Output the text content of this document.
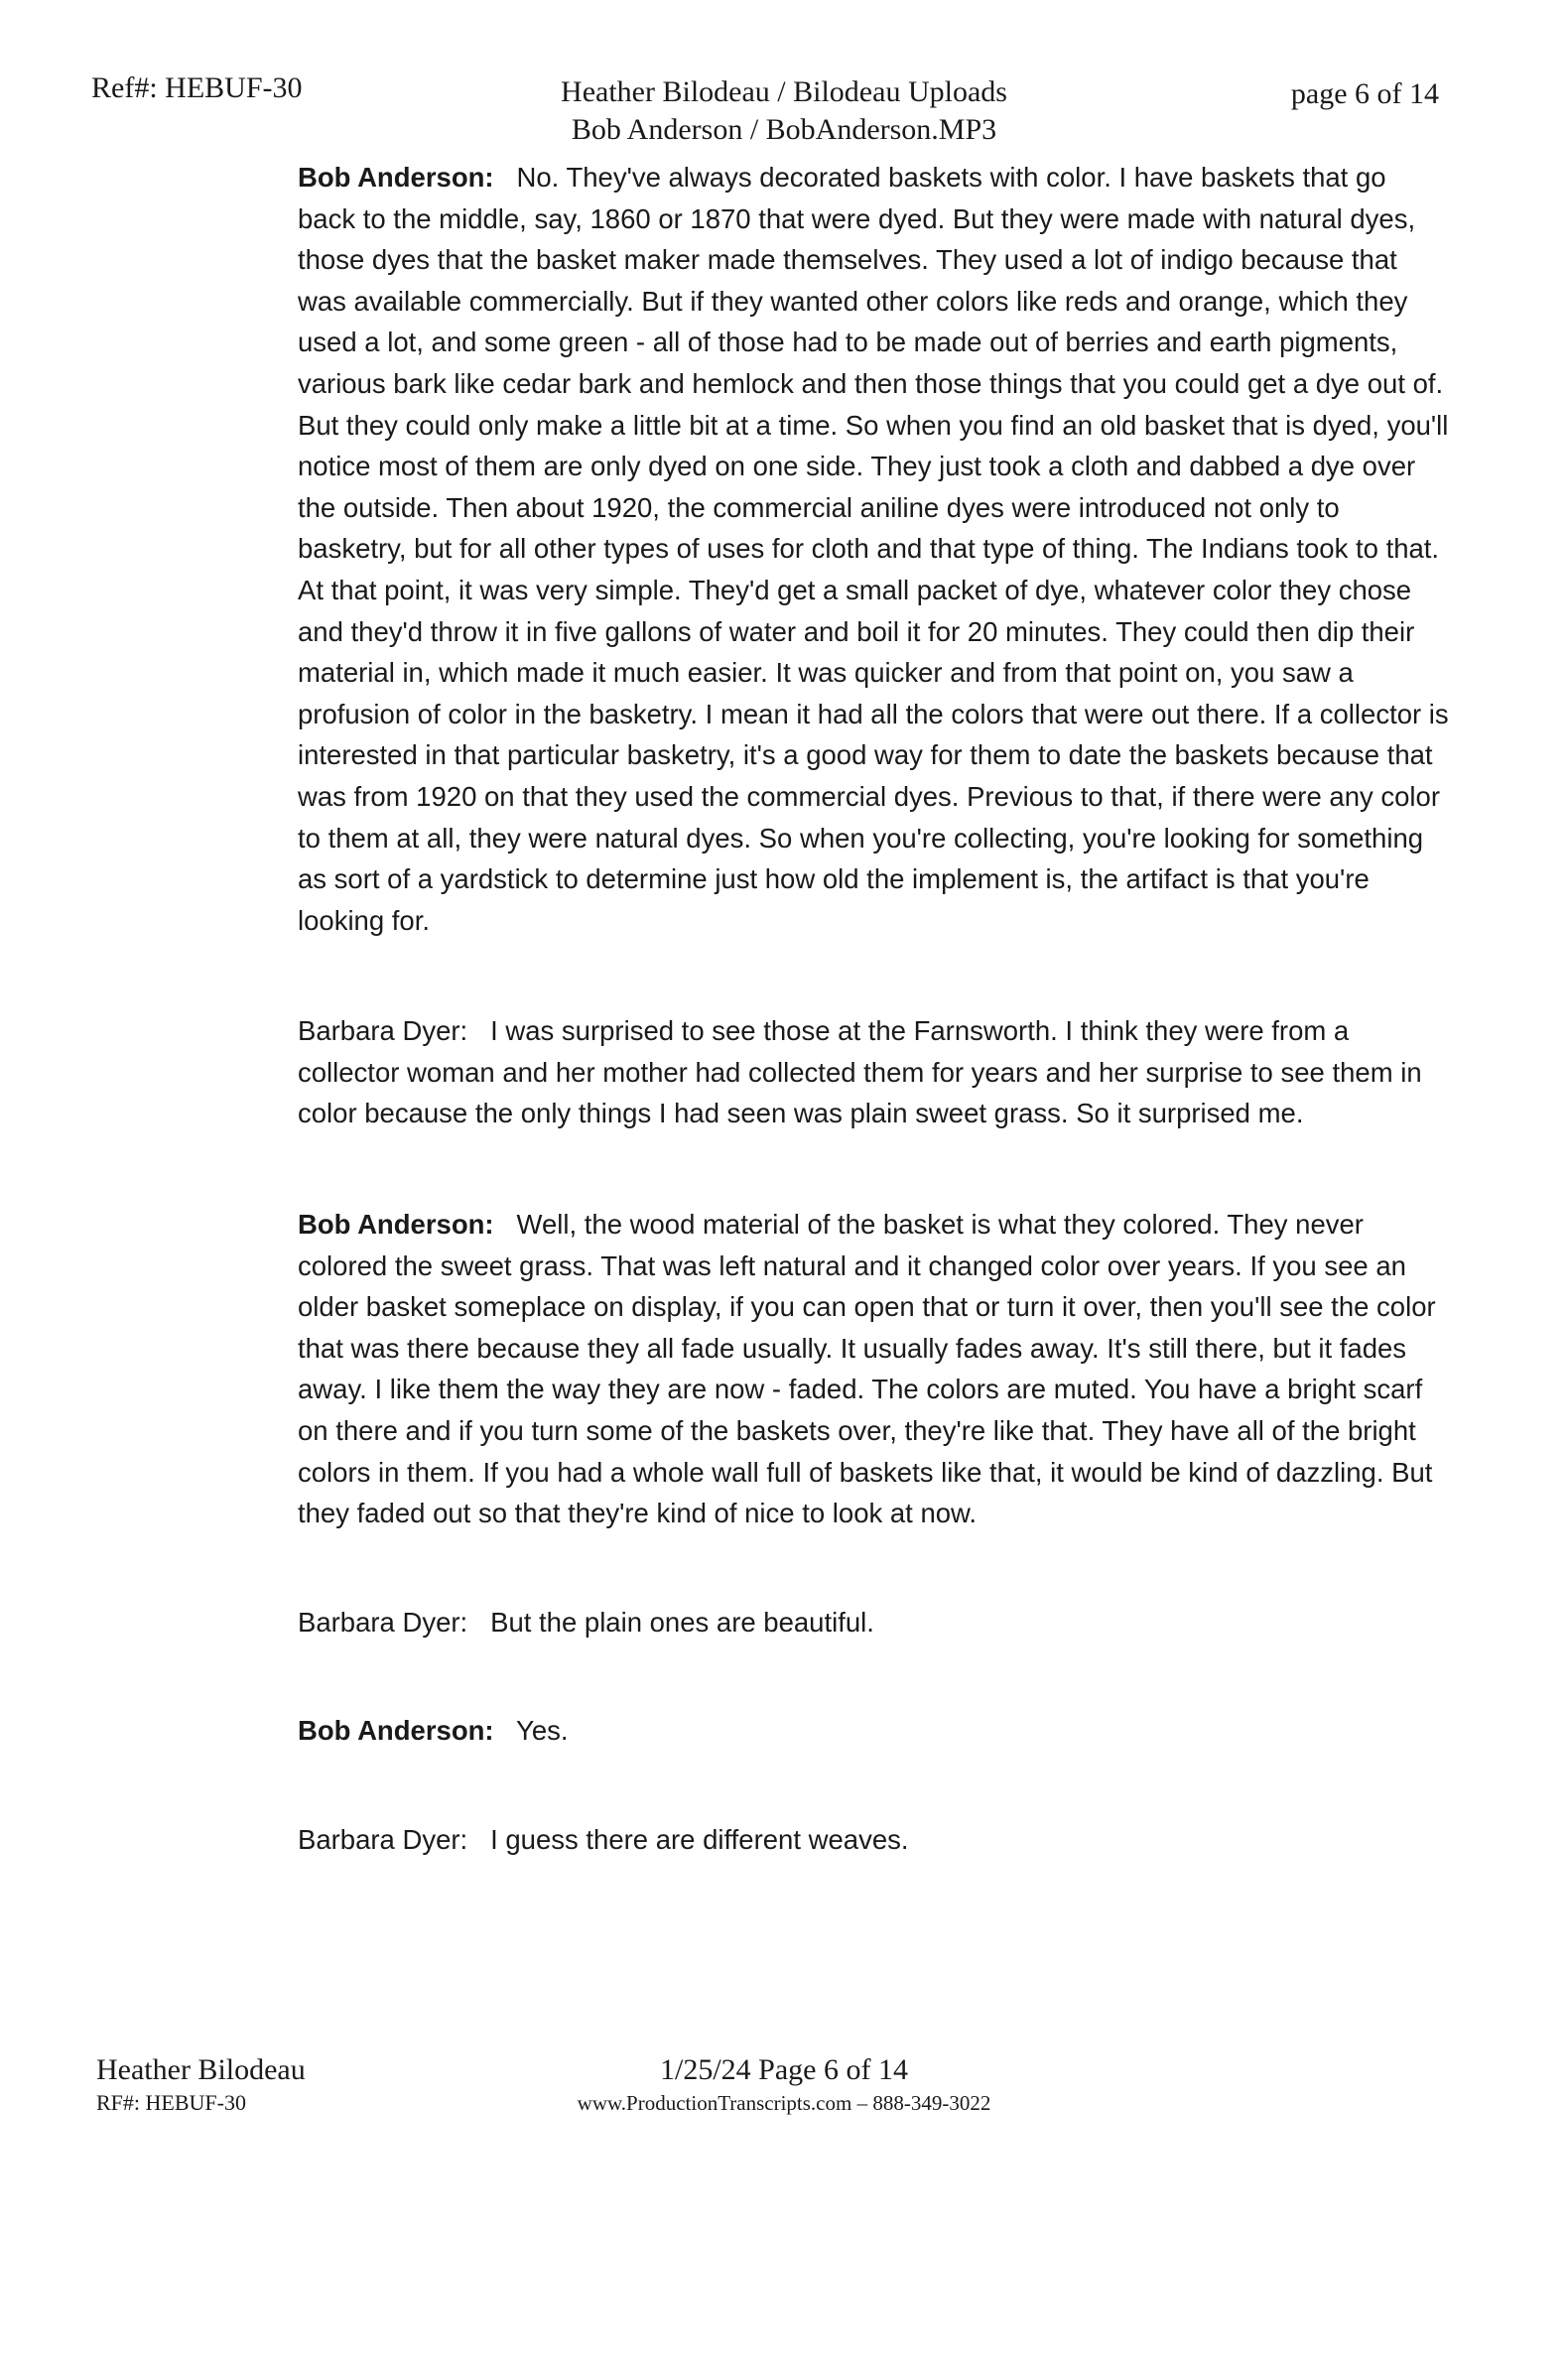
Ref#: HEBUF-30	Heather Bilodeau / Bilodeau Uploads
Bob Anderson / BobAnderson.MP3
page 6 of 14

Bob Anderson: No. They've always decorated baskets with color. I have baskets that go back to the middle, say, 1860 or 1870 that were dyed. But they were made with natural dyes, those dyes that the basket maker made themselves. They used a lot of indigo because that was available commercially. But if they wanted other colors like reds and orange, which they used a lot, and some green - all of those had to be made out of berries and earth pigments, various bark like cedar bark and hemlock and then those things that you could get a dye out of. But they could only make a little bit at a time. So when you find an old basket that is dyed, you'll notice most of them are only dyed on one side. They just took a cloth and dabbed a dye over the outside. Then about 1920, the commercial aniline dyes were introduced not only to basketry, but for all other types of uses for cloth and that type of thing. The Indians took to that. At that point, it was very simple. They'd get a small packet of dye, whatever color they chose and they'd throw it in five gallons of water and boil it for 20 minutes. They could then dip their material in, which made it much easier. It was quicker and from that point on, you saw a profusion of color in the basketry. I mean it had all the colors that were out there. If a collector is interested in that particular basketry, it's a good way for them to date the baskets because that was from 1920 on that they used the commercial dyes. Previous to that, if there were any color to them at all, they were natural dyes. So when you're collecting, you're looking for something as sort of a yardstick to determine just how old the implement is, the artifact is that you're looking for.

Barbara Dyer: I was surprised to see those at the Farnsworth. I think they were from a collector woman and her mother had collected them for years and her surprise to see them in color because the only things I had seen was plain sweet grass. So it surprised me.

Bob Anderson: Well, the wood material of the basket is what they colored. They never colored the sweet grass. That was left natural and it changed color over years. If you see an older basket someplace on display, if you can open that or turn it over, then you'll see the color that was there because they all fade usually. It usually fades away. It's still there, but it fades away. I like them the way they are now - faded. The colors are muted. You have a bright scarf on there and if you turn some of the baskets over, they're like that. They have all of the bright colors in them. If you had a whole wall full of baskets like that, it would be kind of dazzling. But they faded out so that they're kind of nice to look at now.

Barbara Dyer: But the plain ones are beautiful.

Bob Anderson: Yes.

Barbara Dyer: I guess there are different weaves.

Heather Bilodeau
RF#: HEBUF-30
1/25/24 Page 6 of 14
www.ProductionTranscripts.com – 888-349-3022
